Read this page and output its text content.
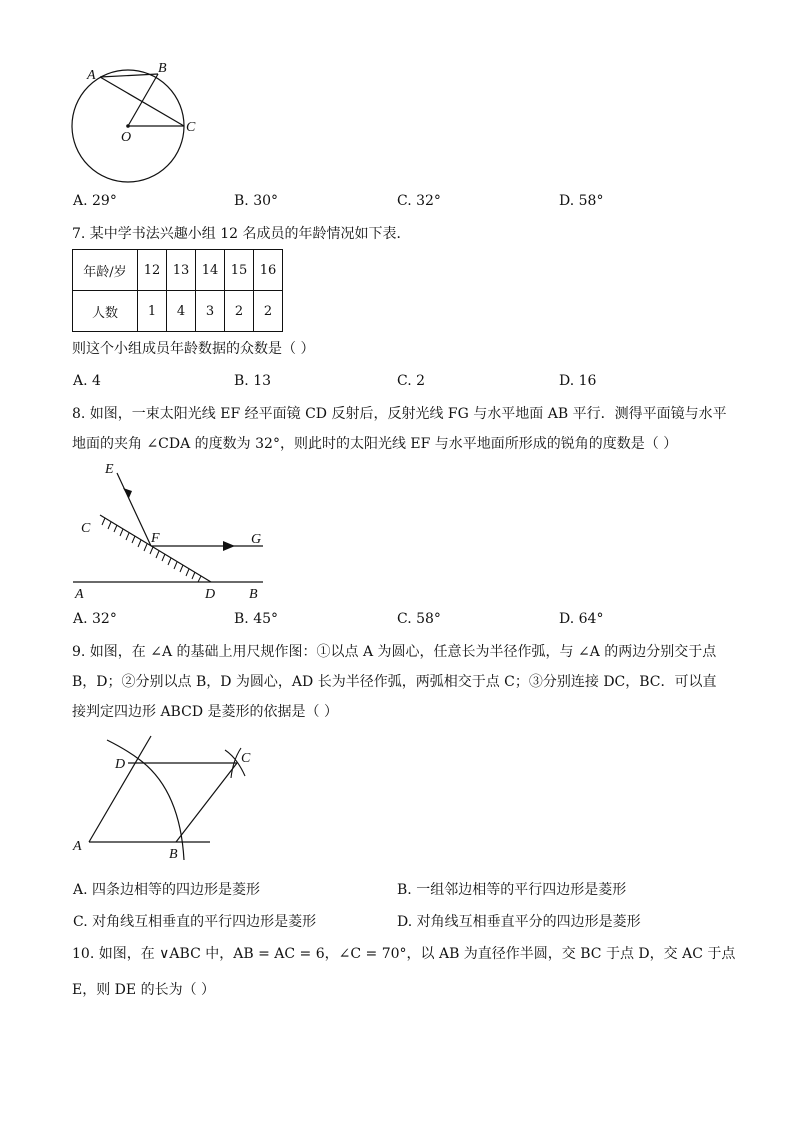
A	B
C
O
A. 29°	B. 30°	C. 32°	D. 58°
7. 某中学书法兴趣小组 12 名成员的年龄情况如下表．
年龄/岁	12	13	14	15	16
人数	1	4	3	2	2
则这个小组成员年龄数据的众数是（ ）
A. 4	B. 13	C. 2	D. 16
8. 如图，一束太阳光线 EF 经平面镜 CD 反射后，反射光线 FG 与水平地面 AB 平行．测得平面镜与水平
地面的夹角 ∠CDA 的度数为 32°，则此时的太阳光线 EF 与水平地面所形成的锐角的度数是（ ）
E
C
F	G
A	D B
A. 32°	B. 45°	C. 58°	D. 64°
9. 如图，在 ∠A 的基础上用尺规作图：①以点 A 为圆心，任意长为半径作弧，与 ∠A 的两边分别交于点
B，D；②分别以点 B，D 为圆心，AD 长为半径作弧，两弧相交于点 C；③分别连接 DC，BC．可以直
接判定四边形 ABCD 是菱形的依据是（ ）
D	C
A
B
A. 四条边相等的四边形是菱形	B. 一组邻边相等的平行四边形是菱形
C. 对角线互相垂直的平行四边形是菱形	D. 对角线互相垂直平分的四边形是菱形
10. 如图，在 ∨ABC 中，AB = AC = 6，∠C = 70°，以 AB 为直径作半圆，交 BC 于点 D，交 AC 于点
E，则 DE 的长为（ ）
